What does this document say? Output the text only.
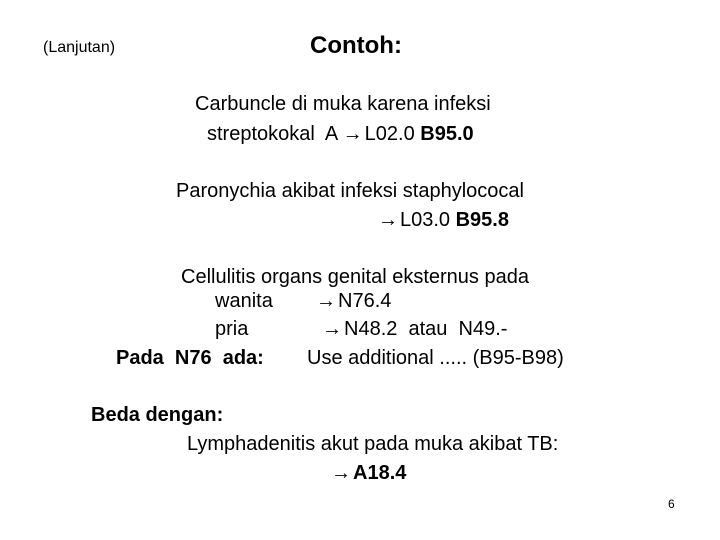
(Lanjutan)	Contoh:
Carbuncle di muka karena infeksi
streptokokal  A → L02.0 B95.0
Paronychia akibat infeksi staphylococal
→ L03.0 B95.8
Cellulitis organs genital eksternus pada
wanita → N76.4
pria	→ N48.2  atau  N49.-
Pada  N76  ada: Use additional ..... (B95-B98)
Beda dengan:
Lymphadenitis akut pada muka akibat TB:
→ A18.4
6
